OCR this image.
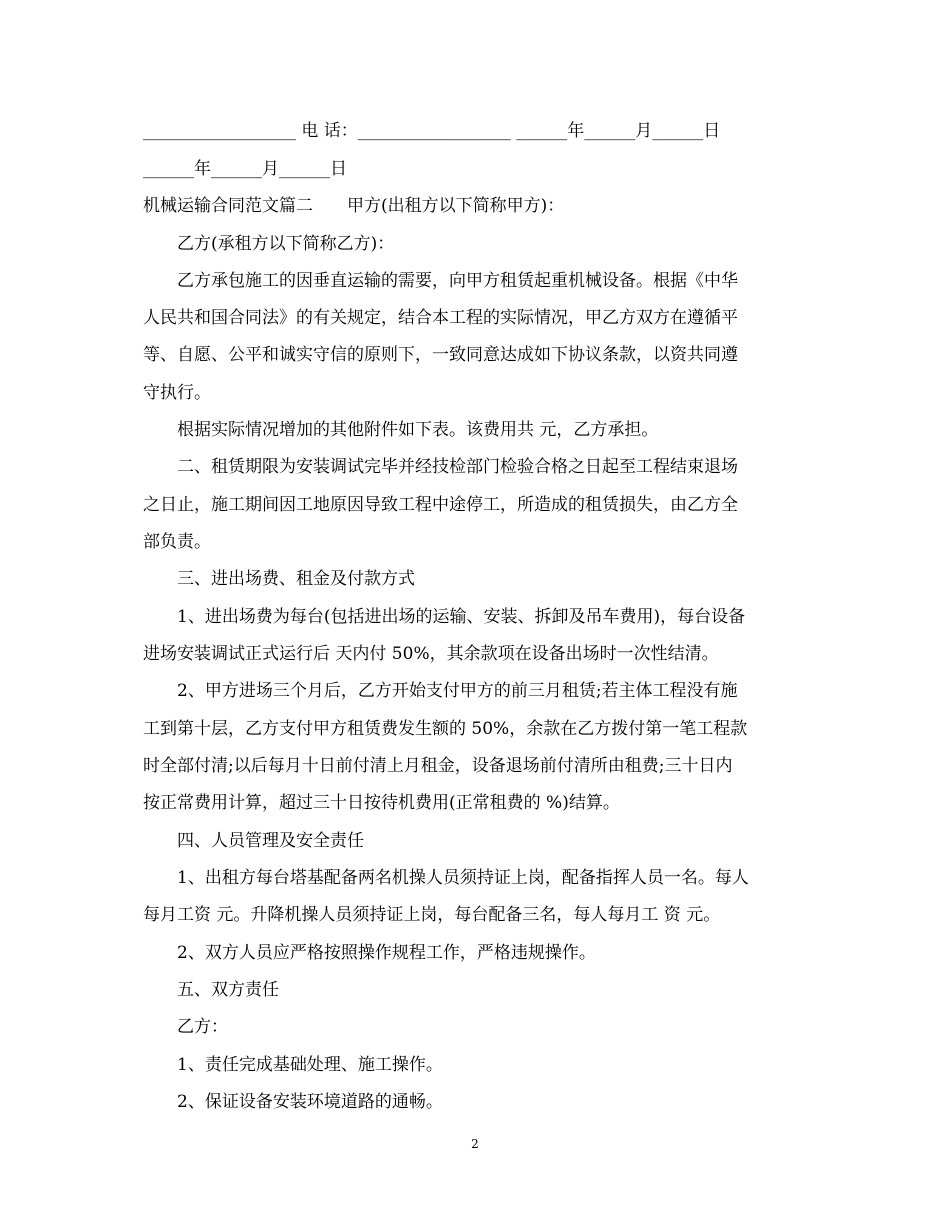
__________________ 电 话：__________________ ______年______月______日
______年______月______日
机械运输合同范文篇二　　甲方(出租方以下简称甲方)：
乙方(承租方以下简称乙方)：
乙方承包施工的因垂直运输的需要，向甲方租赁起重机械设备。根据《中华
人民共和国合同法》的有关规定，结合本工程的实际情况，甲乙方双方在遵循平
等、自愿、公平和诚实守信的原则下，一致同意达成如下协议条款，以资共同遵
守执行。
根据实际情况增加的其他附件如下表。该费用共 元，乙方承担。
二、租赁期限为安装调试完毕并经技检部门检验合格之日起至工程结束退场
之日止，施工期间因工地原因导致工程中途停工，所造成的租赁损失，由乙方全
部负责。
三、进出场费、租金及付款方式
1、进出场费为每台(包括进出场的运输、安装、拆卸及吊车费用)，每台设备
进场安装调试正式运行后 天内付 50%，其余款项在设备出场时一次性结清。
2、甲方进场三个月后，乙方开始支付甲方的前三月租赁;若主体工程没有施
工到第十层，乙方支付甲方租赁费发生额的 50%，余款在乙方拨付第一笔工程款
时全部付清;以后每月十日前付清上月租金，设备退场前付清所由租费;三十日内
按正常费用计算，超过三十日按待机费用(正常租费的 %)结算。
四、人员管理及安全责任
1、出租方每台塔基配备两名机操人员须持证上岗，配备指挥人员一名。每人
每月工资 元。升降机操人员须持证上岗，每台配备三名，每人每月工 资 元。
2、双方人员应严格按照操作规程工作，严格违规操作。
五、双方责任
乙方：
1、责任完成基础处理、施工操作。
2、保证设备安装环境道路的通畅。
2
